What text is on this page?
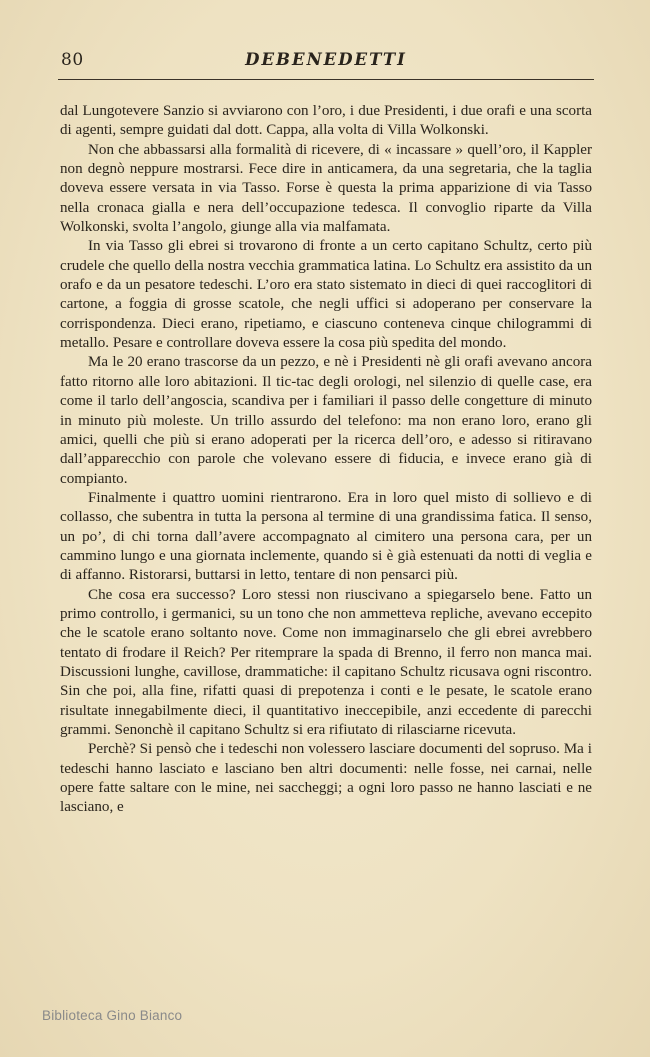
80	DEBENEDETTI

dal Lungotevere Sanzio si avviarono con l’oro, i due Presidenti, i due orafi e una scorta di agenti, sempre guidati dal dott. Cappa, alla volta di Villa Wolkonski.

Non che abbassarsi alla formalità di ricevere, di « incassare » quell’oro, il Kappler non degnò neppure mostrarsi. Fece dire in anticamera, da una segretaria, che la taglia doveva essere versata in via Tasso. Forse è questa la prima apparizione di via Tasso nella cronaca gialla e nera dell’occupazione tedesca. Il convoglio riparte da Villa Wolkonski, svolta l’angolo, giunge alla via malfamata.

In via Tasso gli ebrei si trovarono di fronte a un certo capitano Schultz, certo più crudele che quello della nostra vecchia grammatica latina. Lo Schultz era assistito da un orafo e da un pesatore tedeschi. L’oro era stato sistemato in dieci di quei raccoglitori di cartone, a foggia di grosse scatole, che negli uffici si adoperano per conservare la corrispondenza. Dieci erano, ripetiamo, e ciascuno conteneva cinque chilogrammi di metallo. Pesare e controllare doveva essere la cosa più spedita del mondo.

Ma le 20 erano trascorse da un pezzo, e nè i Presidenti nè gli orafi avevano ancora fatto ritorno alle loro abitazioni. Il tic-tac degli orologi, nel silenzio di quelle case, era come il tarlo dell’angoscia, scandiva per i familiari il passo delle congetture di minuto in minuto più moleste. Un trillo assurdo del telefono: ma non erano loro, erano gli amici, quelli che più si erano adoperati per la ricerca dell’oro, e adesso si ritiravano dall’apparecchio con parole che volevano essere di fiducia, e invece erano già di compianto.

Finalmente i quattro uomini rientrarono. Era in loro quel misto di sollievo e di collasso, che subentra in tutta la persona al termine di una grandissima fatica. Il senso, un po’, di chi torna dall’avere accompagnato al cimitero una persona cara, per un cammino lungo e una giornata inclemente, quando si è già estenuati da notti di veglia e di affanno. Ristorarsi, buttarsi in letto, tentare di non pensarci più.

Che cosa era successo? Loro stessi non riuscivano a spiegarselo bene. Fatto un primo controllo, i germanici, su un tono che non ammetteva repliche, avevano eccepito che le scatole erano soltanto nove. Come non immaginarselo che gli ebrei avrebbero tentato di frodare il Reich? Per ritemprare la spada di Brenno, il ferro non manca mai. Discussioni lunghe, cavillose, drammatiche: il capitano Schultz ricusava ogni riscontro. Sin che poi, alla fine, rifatti quasi di prepotenza i conti e le pesate, le scatole erano risultate innegabilmente dieci, il quantitativo ineccepibile, anzi eccedente di parecchi grammi. Senonchè il capitano Schultz si era rifiutato di rilasciarne ricevuta.

Perchè? Si pensò che i tedeschi non volessero lasciare documenti del sopruso. Ma i tedeschi hanno lasciato e lasciano ben altri documenti: nelle fosse, nei carnai, nelle opere fatte saltare con le mine, nei saccheggi; a ogni loro passo ne hanno lasciati e ne lasciano, e

Biblioteca Gino Bianco
